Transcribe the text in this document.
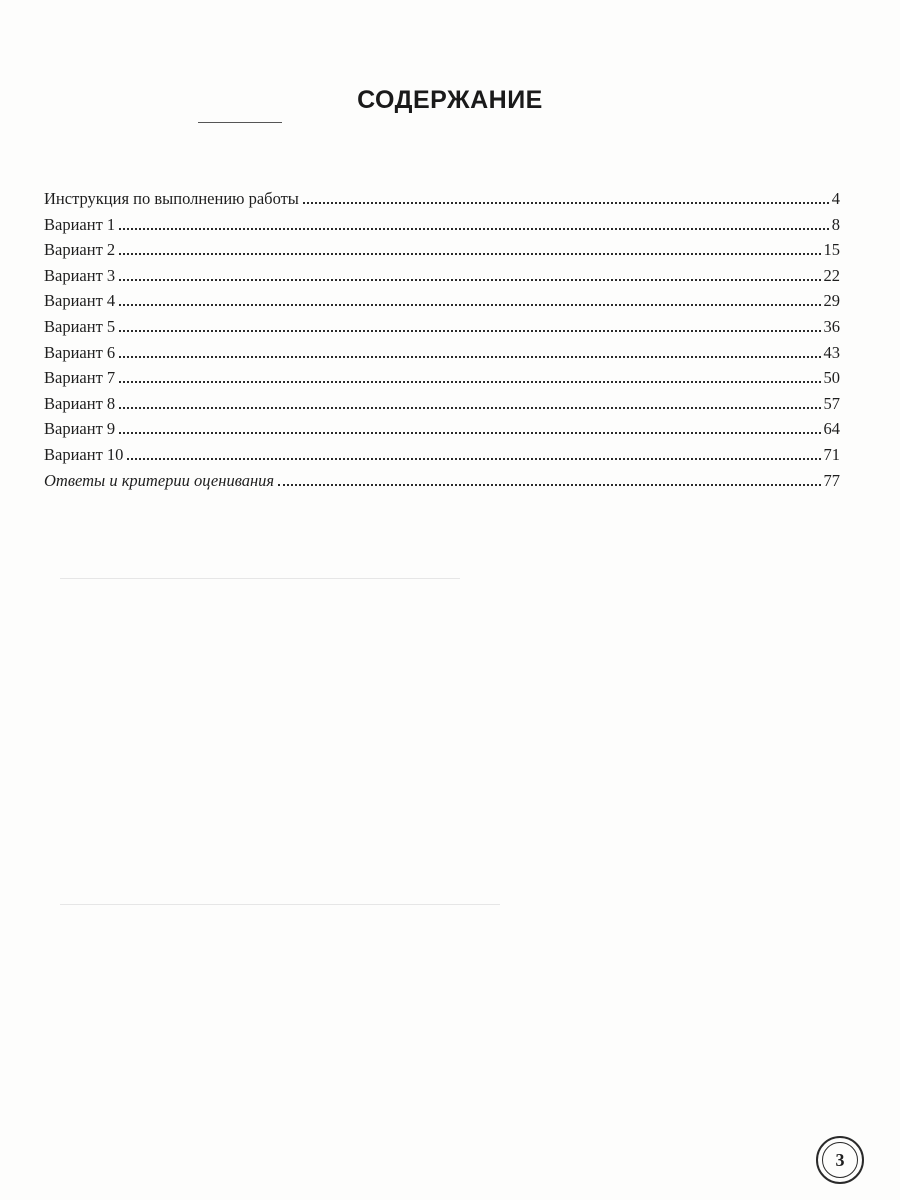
СОДЕРЖАНИЕ
Инструкция по выполнению работы	4
Вариант 1	8
Вариант 2	15
Вариант 3	22
Вариант 4	29
Вариант 5	36
Вариант 6	43
Вариант 7	50
Вариант 8	57
Вариант 9	64
Вариант 10	71
Ответы и критерии оценивания	77
3
